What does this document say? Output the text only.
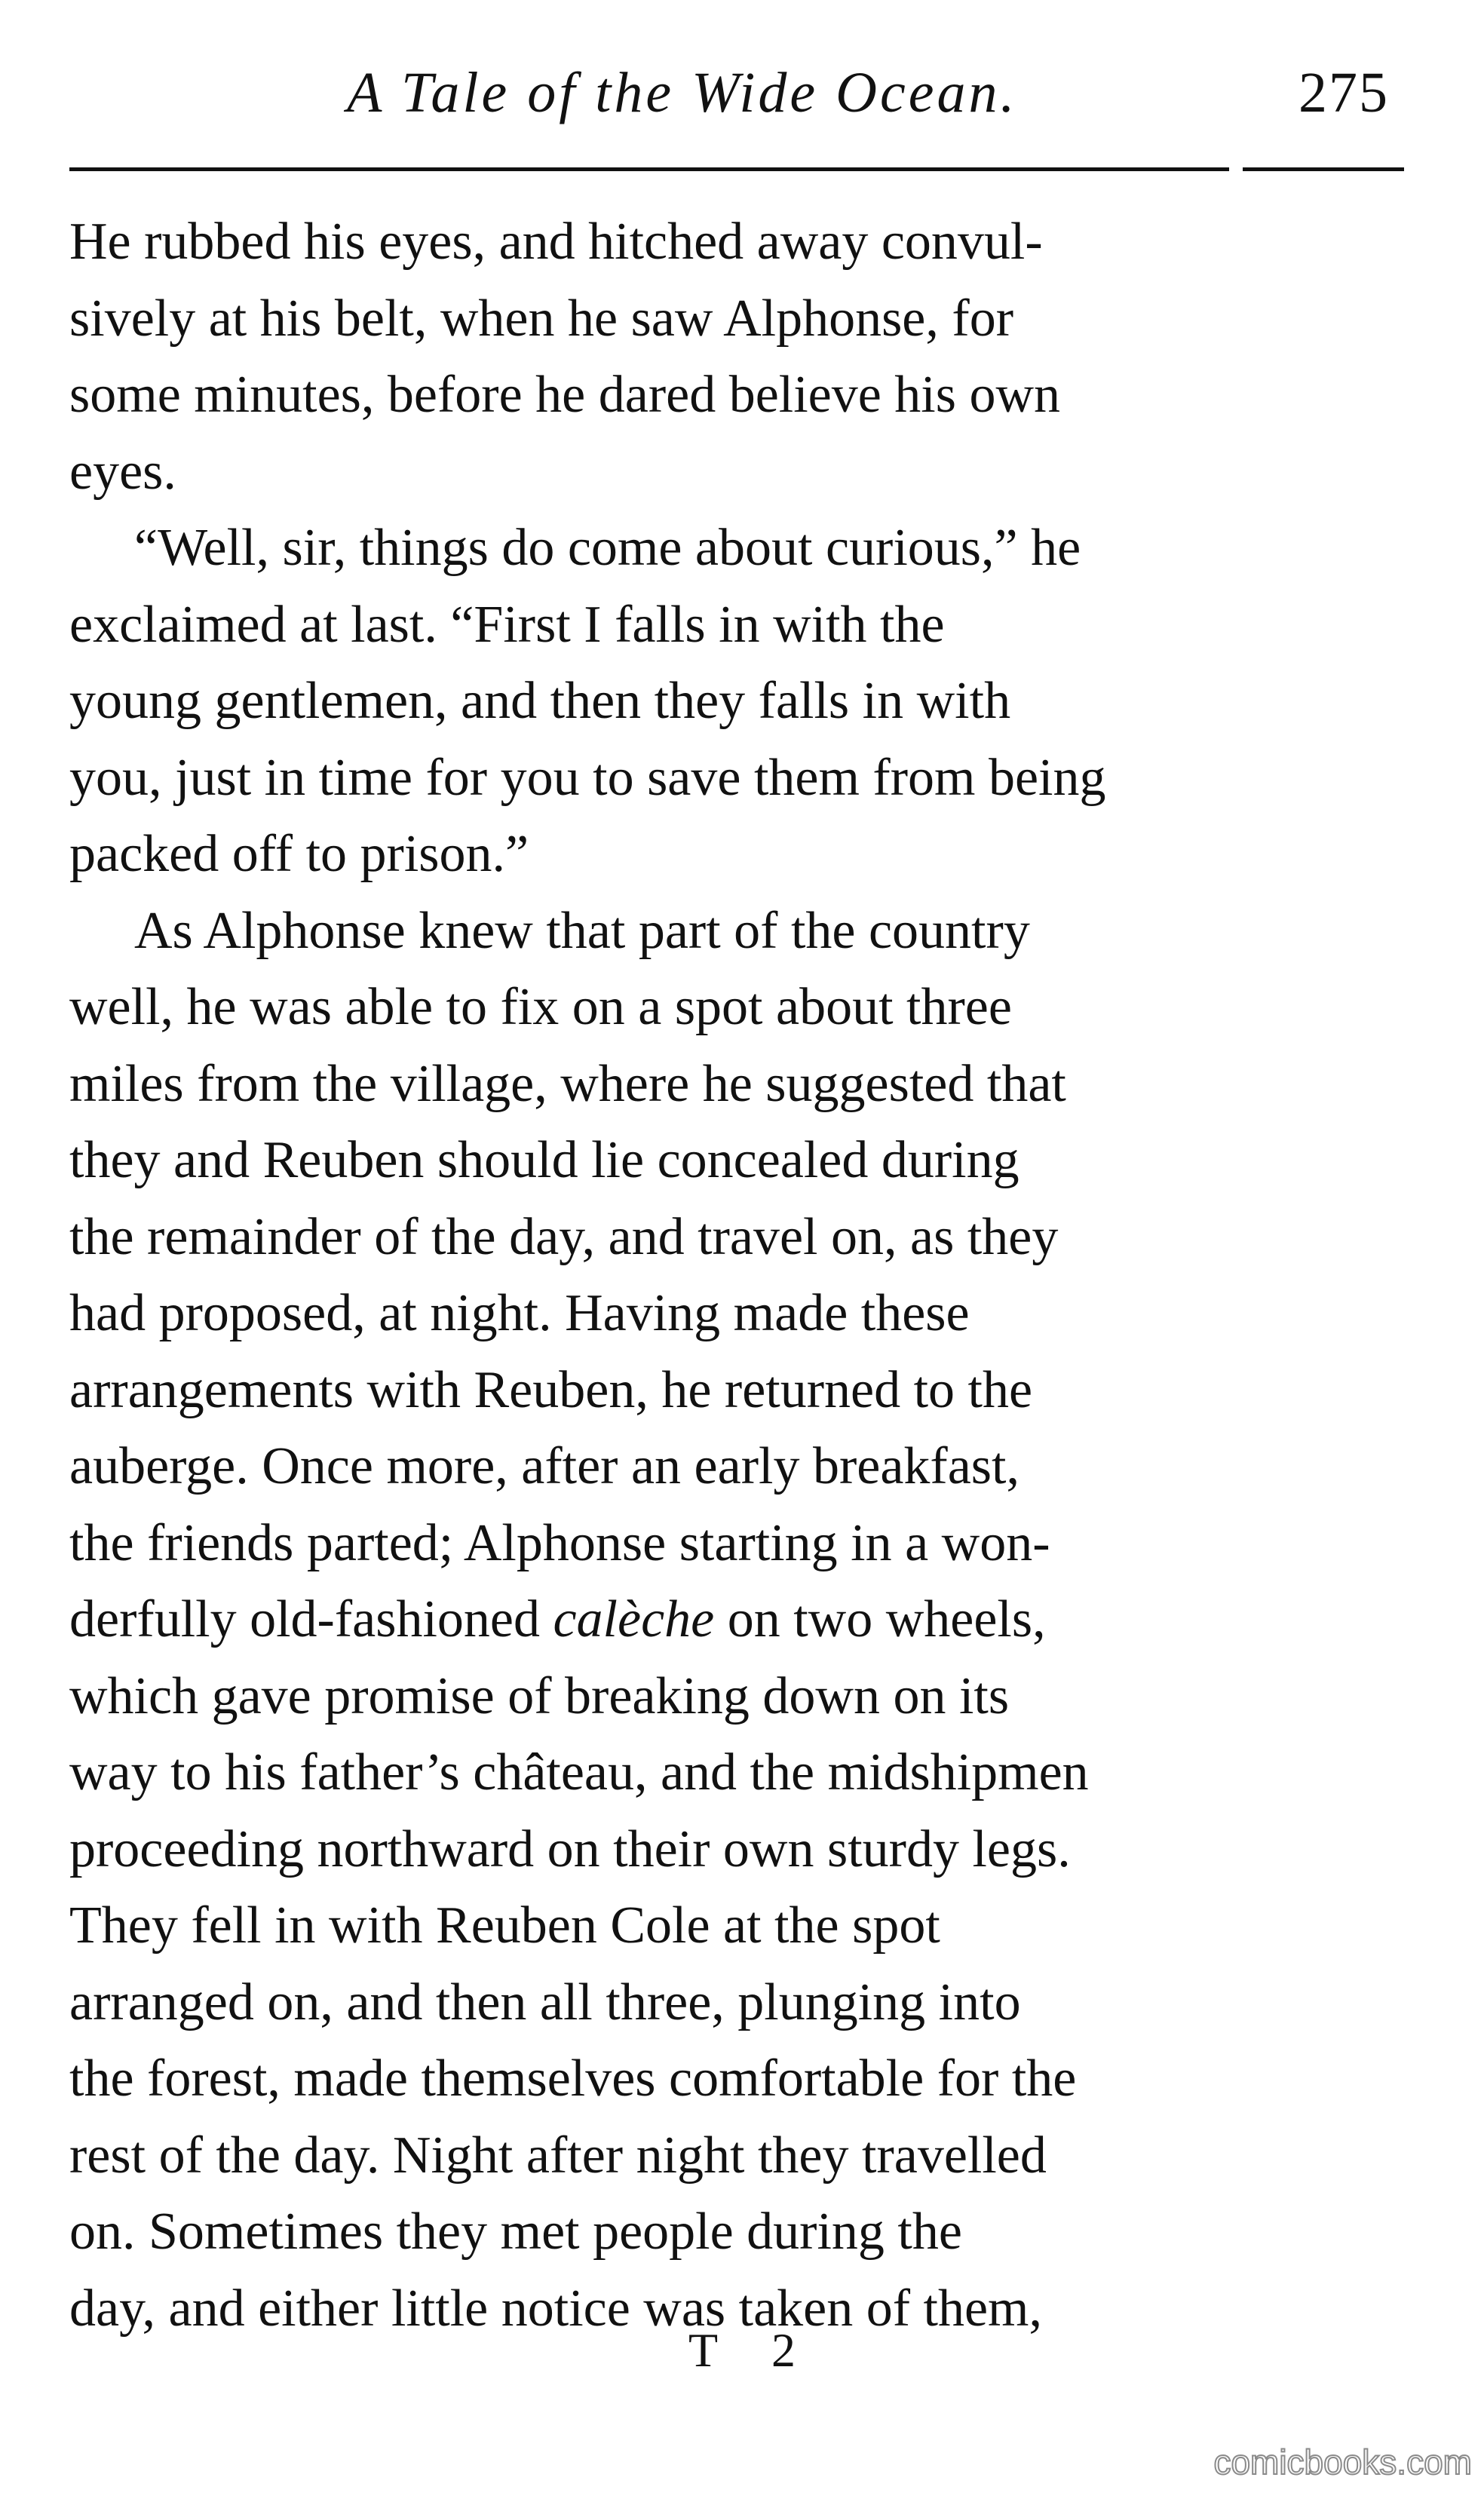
A Tale of the Wide Ocean.	275

He rubbed his eyes, and hitched away convul-
sively at his belt, when he saw Alphonse, for
some minutes, before he dared believe his own
eyes.

“Well, sir, things do come about curious,” he
exclaimed at last. “First I falls in with the
young gentlemen, and then they falls in with
you, just in time for you to save them from being
packed off to prison.”

As Alphonse knew that part of the country
well, he was able to fix on a spot about three
miles from the village, where he suggested that
they and Reuben should lie concealed during
the remainder of the day, and travel on, as they
had proposed, at night. Having made these
arrangements with Reuben, he returned to the
auberge. Once more, after an early breakfast,
the friends parted; Alphonse starting in a won-
derfully old-fashioned calèche on two wheels,
which gave promise of breaking down on its
way to his father’s château, and the midshipmen
proceeding northward on their own sturdy legs.
They fell in with Reuben Cole at the spot
arranged on, and then all three, plunging into
the forest, made themselves comfortable for the
rest of the day. Night after night they travelled
on. Sometimes they met people during the
day, and either little notice was taken of them,

T 2
comicbooks.com
